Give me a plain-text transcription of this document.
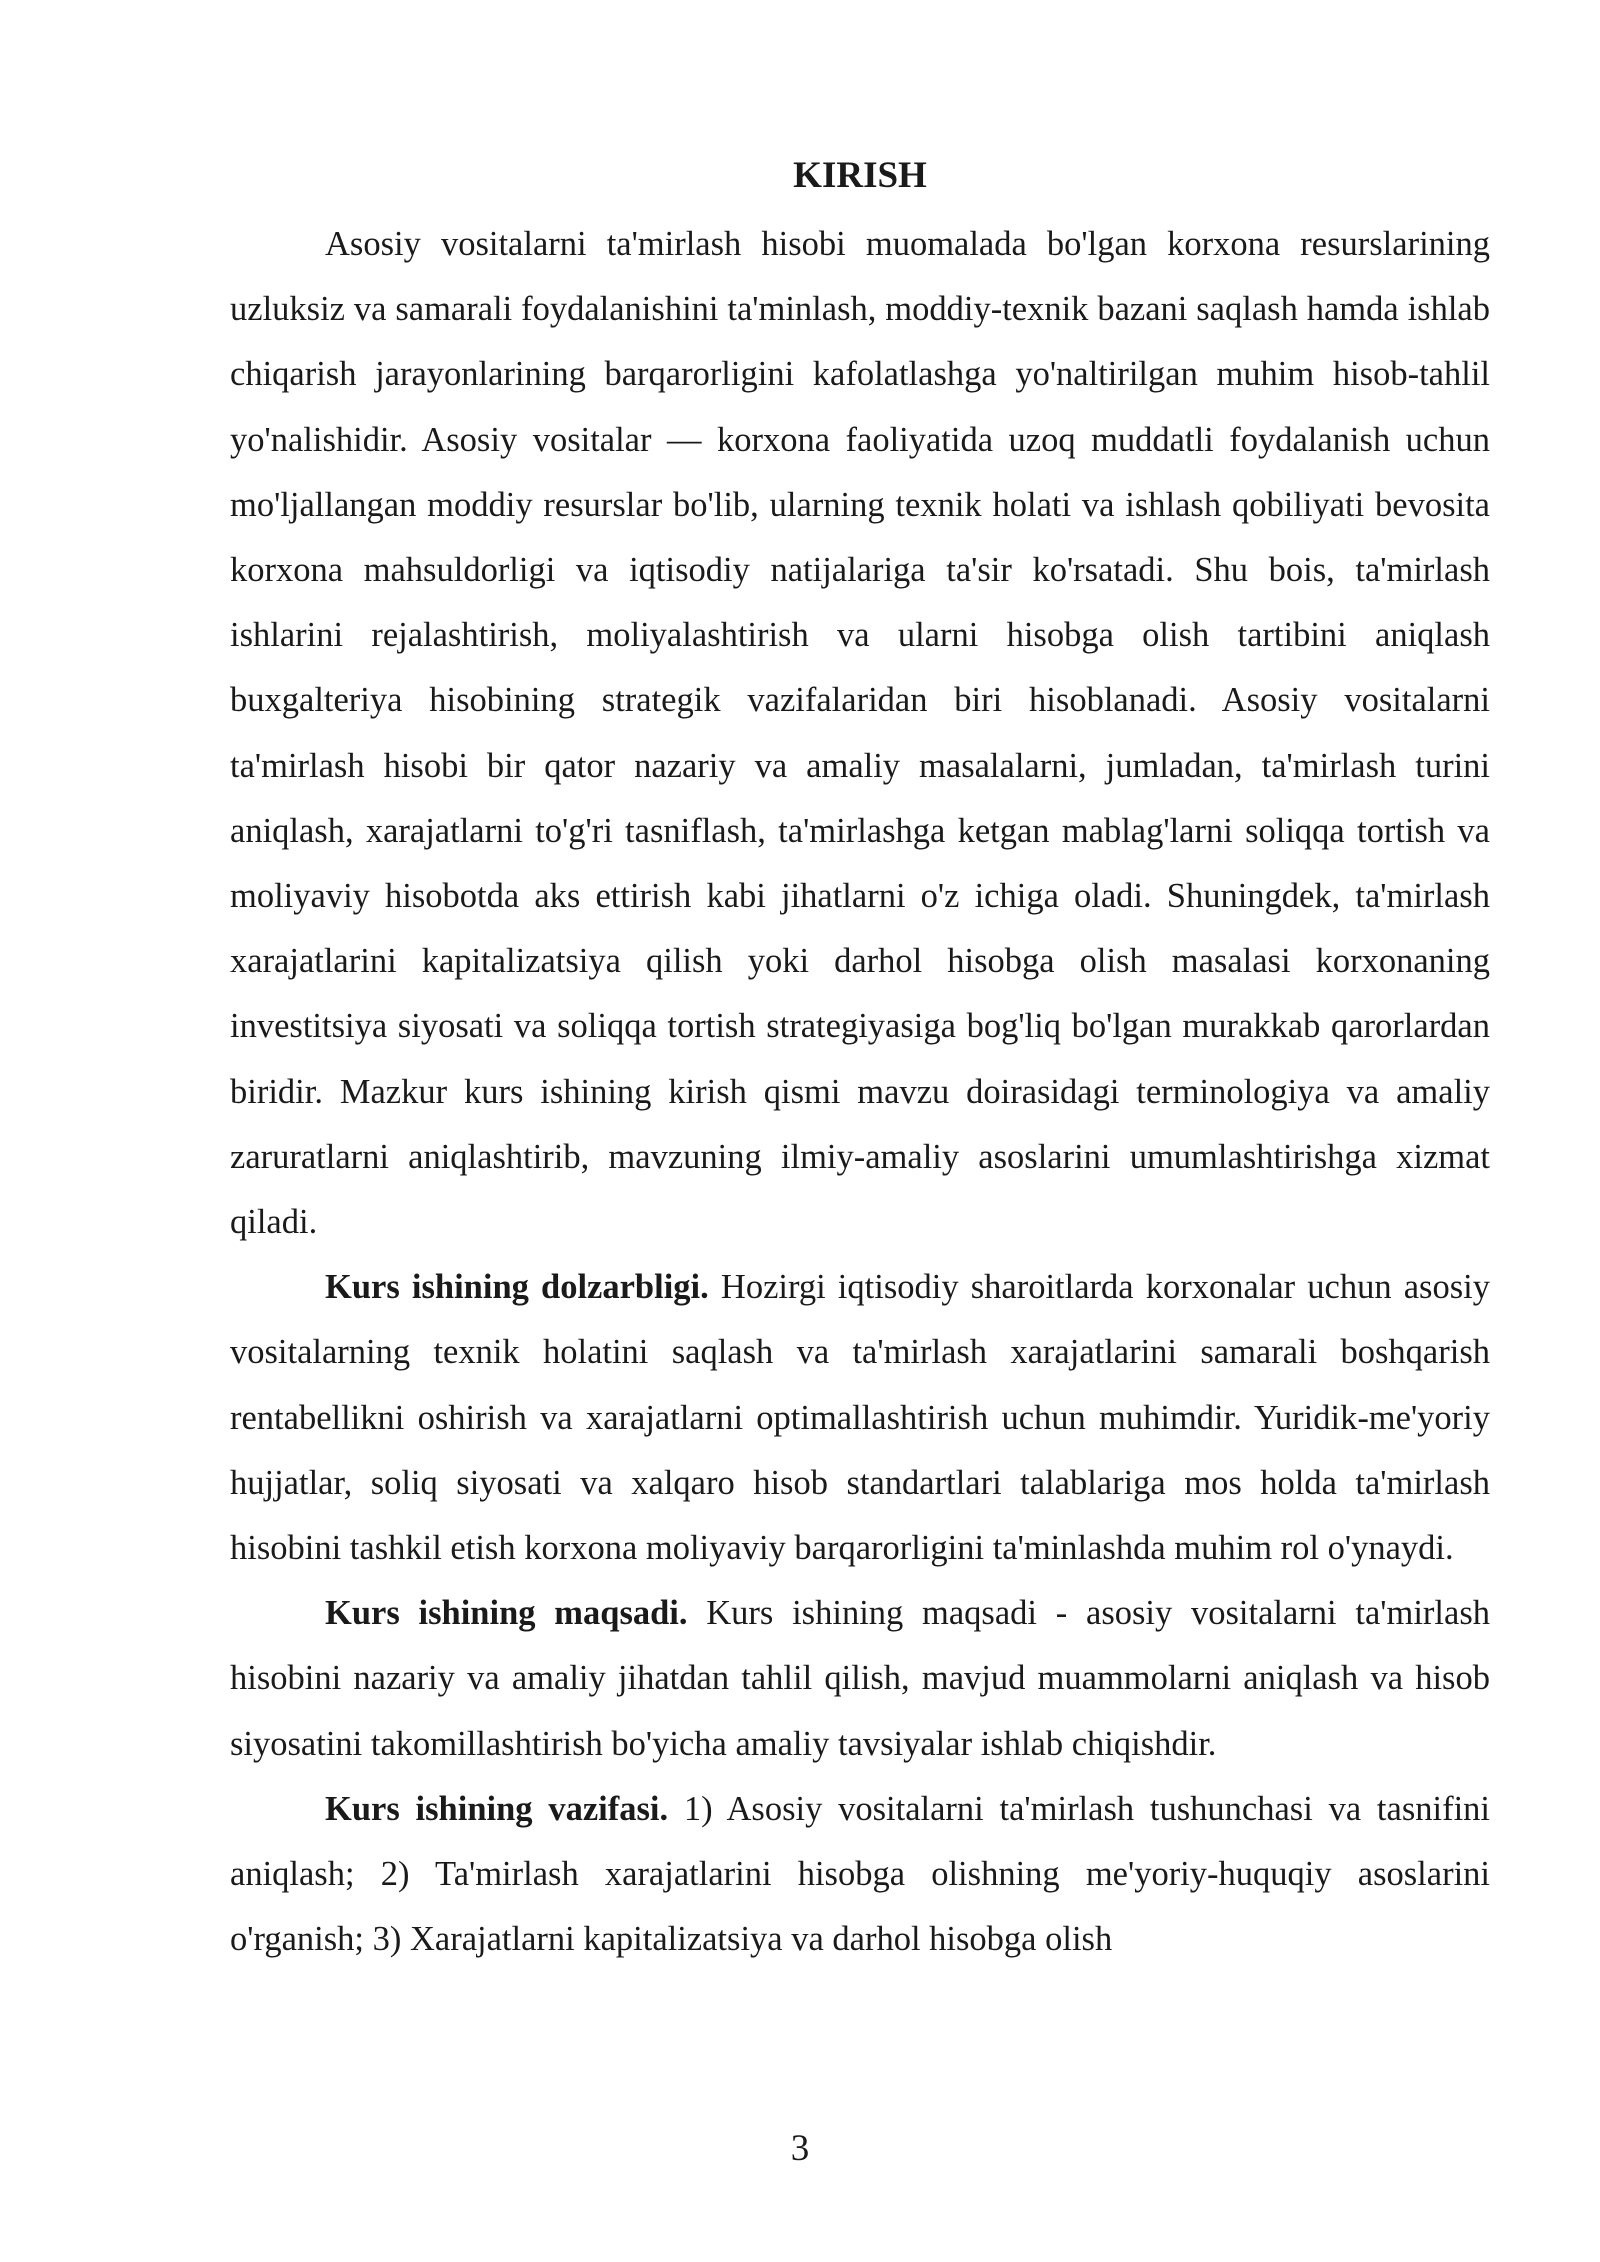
KIRISH

Asosiy vositalarni ta'mirlash hisobi muomalada bo'lgan korxona resurslarining uzluksiz va samarali foydalanishini ta'minlash, moddiy-texnik bazani saqlash hamda ishlab chiqarish jarayonlarining barqarorligini kafolatlashga yo'naltirilgan muhim hisob-tahlil yo'nalishidir. Asosiy vositalar — korxona faoliyatida uzoq muddatli foydalanish uchun mo'ljallangan moddiy resurslar bo'lib, ularning texnik holati va ishlash qobiliyati bevosita korxona mahsuldorligi va iqtisodiy natijalariga ta'sir ko'rsatadi. Shu bois, ta'mirlash ishlarini rejalashtirish, moliyalashtirish va ularni hisobga olish tartibini aniqlash buxgalteriya hisobining strategik vazifalaridan biri hisoblanadi. Asosiy vositalarni ta'mirlash hisobi bir qator nazariy va amaliy masalalarni, jumladan, ta'mirlash turini aniqlash, xarajatlarni to'g'ri tasniflash, ta'mirlashga ketgan mablag'larni soliqqa tortish va moliyaviy hisobotda aks ettirish kabi jihatlarni o'z ichiga oladi. Shuningdek, ta'mirlash xarajatlarini kapitalizatsiya qilish yoki darhol hisobga olish masalasi korxonaning investitsiya siyosati va soliqqa tortish strategiyasiga bog'liq bo'lgan murakkab qarorlardan biridir. Mazkur kurs ishining kirish qismi mavzu doirasidagi terminologiya va amaliy zaruratlarni aniqlashtirib, mavzuning ilmiy-amaliy asoslarini umumlashtirishga xizmat qiladi.

Kurs ishining dolzarbligi. Hozirgi iqtisodiy sharoitlarda korxonalar uchun asosiy vositalarning texnik holatini saqlash va ta'mirlash xarajatlarini samarali boshqarish rentabellikni oshirish va xarajatlarni optimallashtirish uchun muhimdir. Yuridik-me'yoriy hujjatlar, soliq siyosati va xalqaro hisob standartlari talablariga mos holda ta'mirlash hisobini tashkil etish korxona moliyaviy barqarorligini ta'minlashda muhim rol o'ynaydi.

Kurs ishining maqsadi. Kurs ishining maqsadi - asosiy vositalarni ta'mirlash hisobini nazariy va amaliy jihatdan tahlil qilish, mavjud muammolarni aniqlash va hisob siyosatini takomillashtirish bo'yicha amaliy tavsiyalar ishlab chiqishdir.

Kurs ishining vazifasi. 1) Asosiy vositalarni ta'mirlash tushunchasi va tasnifini aniqlash; 2) Ta'mirlash xarajatlarini hisobga olishning me'yoriy-huquqiy asoslarini o'rganish; 3) Xarajatlarni kapitalizatsiya va darhol hisobga olish

3
